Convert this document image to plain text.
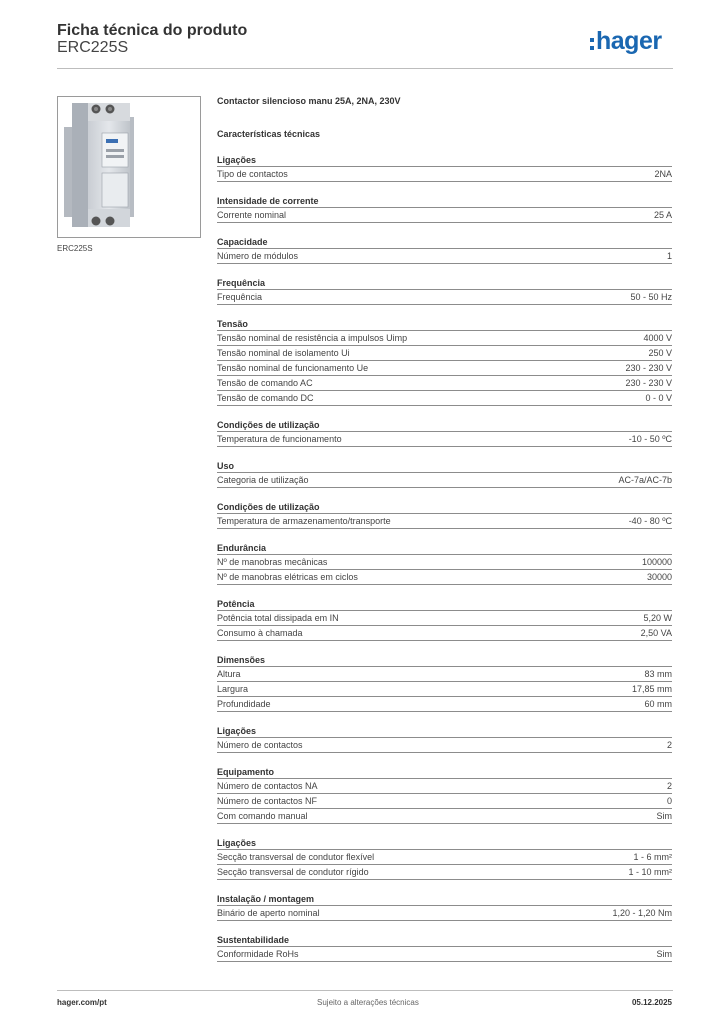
Ficha técnica do produto
ERC225S	hager
ERC225S
Contactor silencioso manu 25A, 2NA, 230V
Características técnicas
Ligações
Tipo de contactos	2NA
Intensidade de corrente
Corrente nominal	25 A
Capacidade
Número de módulos	1
Frequência
Frequência	50 - 50 Hz
Tensão
Tensão nominal de resistência a impulsos Uimp	4000 V
Tensão nominal de isolamento Ui	250 V
Tensão nominal de funcionamento Ue	230 - 230 V
Tensão de comando AC	230 - 230 V
Tensão de comando DC	0 - 0 V
Condições de utilização
Temperatura de funcionamento	-10 - 50 ºC
Uso
Categoria de utilização	AC-7a/AC-7b
Condições de utilização
Temperatura de armazenamento/transporte	-40 - 80 ºC
Endurância
Nº de manobras mecânicas	100000
Nº de manobras elétricas em ciclos	30000
Potência
Potência total dissipada em IN	5,20 W
Consumo à chamada	2,50 VA
Dimensões
Altura	83 mm
Largura	17,85 mm
Profundidade	60 mm
Ligações
Número de contactos	2
Equipamento
Número de contactos NA	2
Número de contactos NF	0
Com comando manual	Sim
Ligações
Secção transversal de condutor flexível	1 - 6 mm²
Secção transversal de condutor rígido	1 - 10 mm²
Instalação / montagem
Binário de aperto nominal	1,20 - 1,20 Nm
Sustentabilidade
Conformidade RoHs	Sim
hager.com/pt	Sujeito a alterações técnicas	05.12.2025
